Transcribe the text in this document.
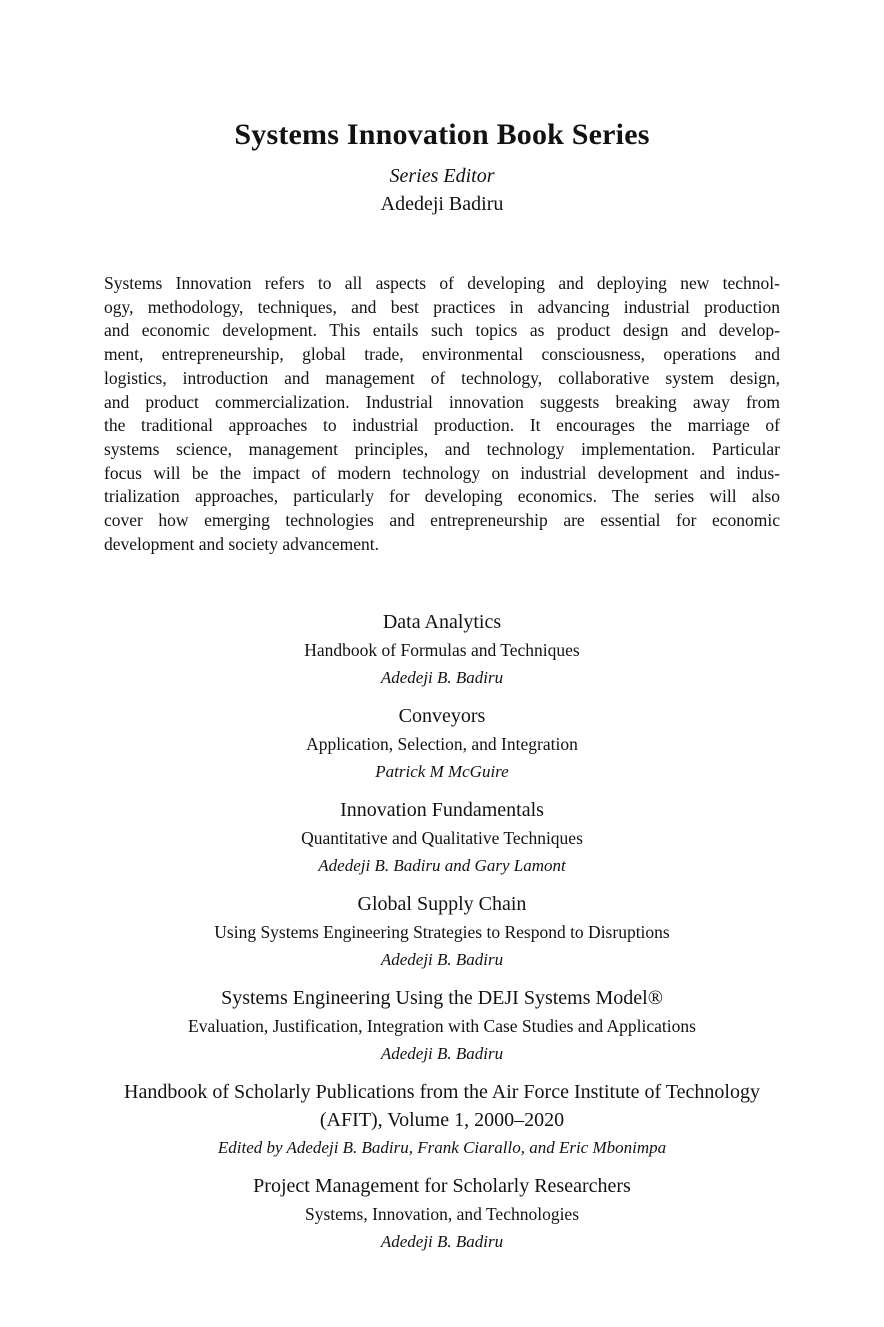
Systems Innovation Book Series
Series Editor
Adedeji Badiru
Systems Innovation refers to all aspects of developing and deploying new technol-
ogy, methodology, techniques, and best practices in advancing industrial production
and economic development. This entails such topics as product design and develop-
ment, entrepreneurship, global trade, environmental consciousness, operations and
logistics, introduction and management of technology, collaborative system design,
and product commercialization. Industrial innovation suggests breaking away from
the traditional approaches to industrial production. It encourages the marriage of
systems science, management principles, and technology implementation. Particular
focus will be the impact of modern technology on industrial development and indus-
trialization approaches, particularly for developing economics. The series will also
cover how emerging technologies and entrepreneurship are essential for economic
development and society advancement.
Data Analytics
Handbook of Formulas and Techniques
Adedeji B. Badiru
Conveyors
Application, Selection, and Integration
Patrick M McGuire
Innovation Fundamentals
Quantitative and Qualitative Techniques
Adedeji B. Badiru and Gary Lamont
Global Supply Chain
Using Systems Engineering Strategies to Respond to Disruptions
Adedeji B. Badiru
Systems Engineering Using the DEJI Systems Model®
Evaluation, Justification, Integration with Case Studies and Applications
Adedeji B. Badiru
Handbook of Scholarly Publications from the Air Force Institute of Technology (AFIT), Volume 1, 2000–2020
Edited by Adedeji B. Badiru, Frank Ciarallo, and Eric Mbonimpa
Project Management for Scholarly Researchers
Systems, Innovation, and Technologies
Adedeji B. Badiru
